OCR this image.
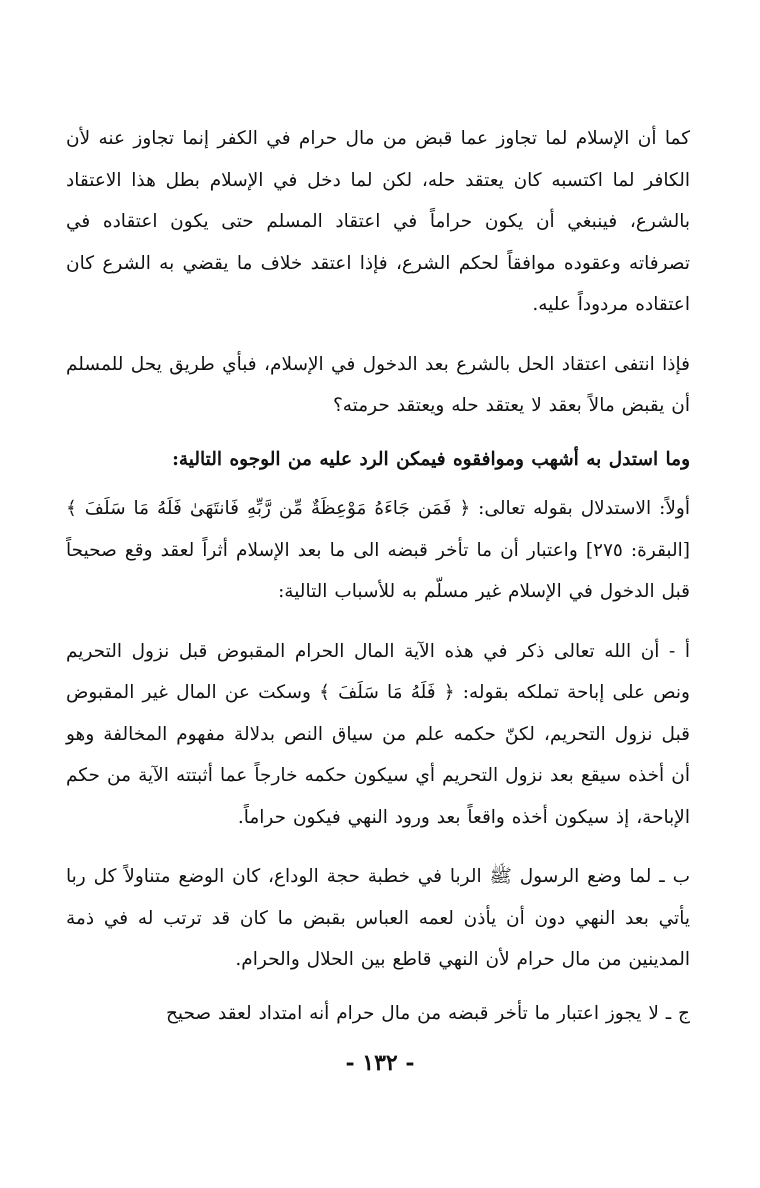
كما أن الإسلام لما تجاوز عما قبض من مال حرام في الكفر إنما تجاوز عنه لأن الكافر لما اكتسبه كان يعتقد حله، لكن لما دخل في الإسلام بطل هذا الاعتقاد بالشرع، فينبغي أن يكون حراماً في اعتقاد المسلم حتى يكون اعتقاده في تصرفاته وعقوده موافقاً لحكم الشرع، فإذا اعتقد خلاف ما يقضي به الشرع كان اعتقاده مردوداً عليه.

فإذا انتفى اعتقاد الحل بالشرع بعد الدخول في الإسلام، فبأي طريق يحل للمسلم أن يقبض مالاً بعقد لا يعتقد حله ويعتقد حرمته؟

وما استدل به أشهب وموافقوه فيمكن الرد عليه من الوجوه التالية:

أولاً: الاستدلال بقوله تعالى: ﴿ فَمَن جَاءَهُ مَوْعِظَةٌ مِّن رَّبِّهِ فَانتَهَىٰ فَلَهُ مَا سَلَفَ ﴾ [البقرة: ٢٧٥] واعتبار أن ما تأخر قبضه الى ما بعد الإسلام أثراً لعقد وقع صحيحاً قبل الدخول في الإسلام غير مسلّم به للأسباب التالية:

أ - أن الله تعالى ذكر في هذه الآية المال الحرام المقبوض قبل نزول التحريم ونص على إباحة تملكه بقوله: ﴿ فَلَهُ مَا سَلَفَ ﴾ وسكت عن المال غير المقبوض قبل نزول التحريم، لكنّ حكمه علم من سياق النص بدلالة مفهوم المخالفة وهو أن أخذه سيقع بعد نزول التحريم أي سيكون حكمه خارجاً عما أثبتته الآية من حكم الإباحة، إذ سيكون أخذه واقعاً بعد ورود النهي فيكون حراماً.

ب ـ لما وضع الرسول ﷺ الربا في خطبة حجة الوداع، كان الوضع متناولاً كل ربا يأتي بعد النهي دون أن يأذن لعمه العباس بقبض ما كان قد ترتب له في ذمة المدينين من مال حرام لأن النهي قاطع بين الحلال والحرام.

ج ـ لا يجوز اعتبار ما تأخر قبضه من مال حرام أنه امتداد لعقد صحيح

- ١٣٢ -
